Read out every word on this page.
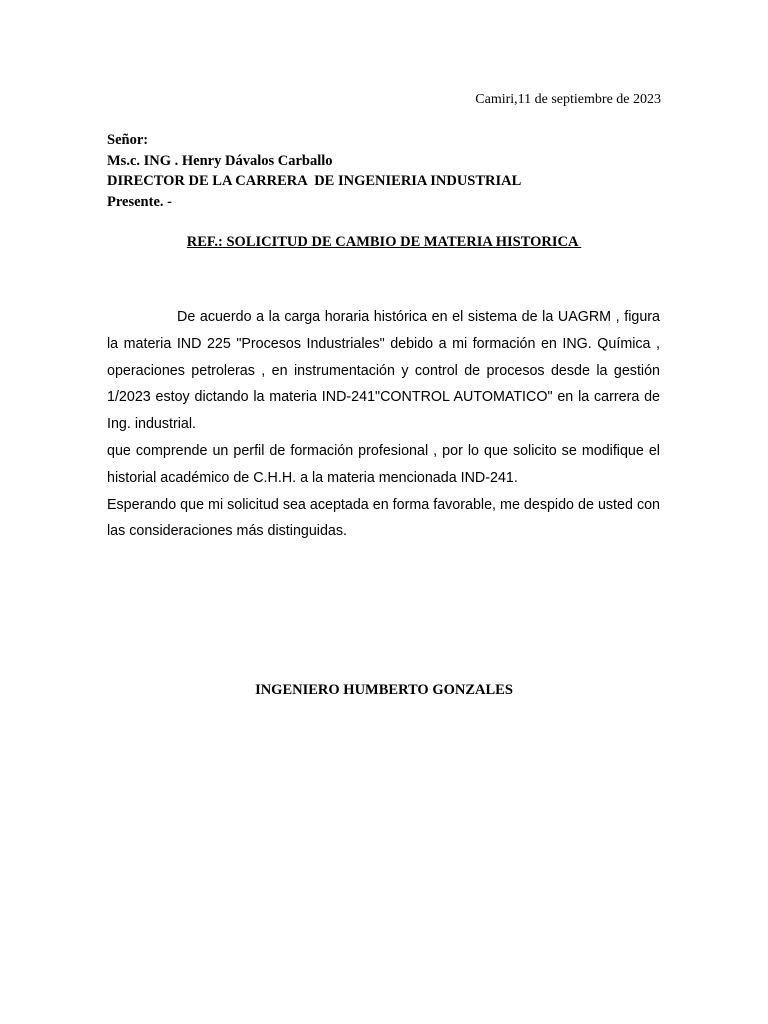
Camiri,11 de septiembre de 2023
Señor:
Ms.c. ING . Henry Dávalos Carballo
DIRECTOR DE LA CARRERA  DE INGENIERIA INDUSTRIAL
Presente. -
REF.: SOLICITUD DE CAMBIO DE MATERIA HISTORICA

De acuerdo a la carga horaria histórica en el sistema de la UAGRM , figura la materia IND 225 "Procesos Industriales" debido a mi formación en ING. Química , operaciones petroleras , en instrumentación y control de procesos desde la gestión 1/2023 estoy dictando la materia IND-241"CONTROL AUTOMATICO" en la carrera de Ing. industrial.

que comprende un perfil de formación profesional , por lo que solicito se modifique el historial académico de C.H.H. a la materia mencionada IND-241.

Esperando que mi solicitud sea aceptada en forma favorable, me despido de usted con las consideraciones más distinguidas.

INGENIERO HUMBERTO GONZALES
